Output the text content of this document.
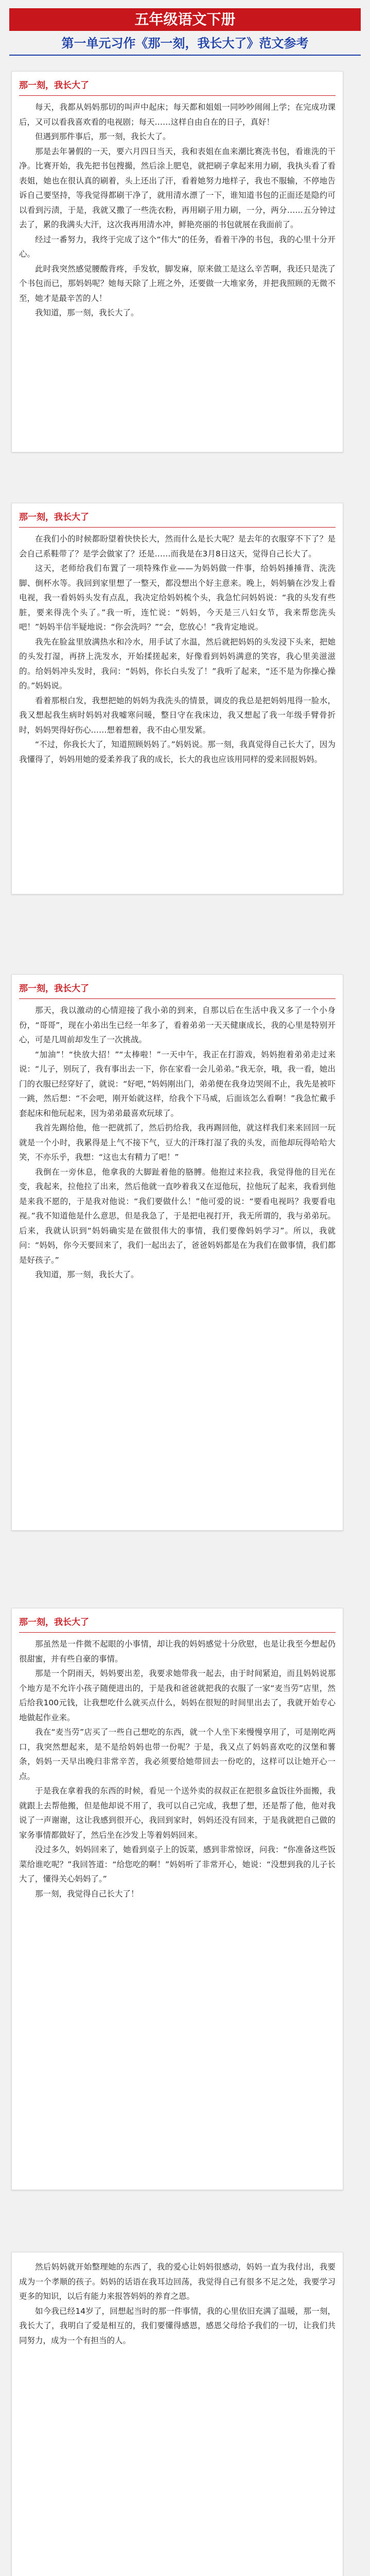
五年级语文下册
第一单元习作《那一刻，我长大了》范文参考
那一刻，我长大了

每天，我都从妈妈那切的叫声中起床；每天都和姐姐一同吵吵闹闹上学；在完成功课后，又可以看我喜欢看的电视剧；每天……这样自由自在的日子，真好！

但遇到那件事后，那一刻，我长大了。

那是去年暑假的一天，要六月四日当天，我和表姐在血来潮比赛洗书包，看谁洗的干净。比赛开始，我先把书包搜撮，然后涂上肥皂，就把刷子拿起来用力刷，我执头看了看表姐，她也在很认真的刷着，头上还出了汗，看着她努力地样子，我也不服输，不停地告诉自己要坚持，等我觉得都刷干净了，就用清水漂了一下，谁知道书包的正面还是隐约可以看到污渍，于是，我就又撒了一些洗衣粉，再用刷子用力刷，一分，两分……五分钟过去了，累的我满头大汗，这次我再用清水冲，鲜艳亮丽的书包就展在我面前了。

经过一番努力，我终于完成了这个“伟大”的任务，看着干净的书包，我的心里十分开心。

此时我突然感觉腰酸背疼，手发软，脚发麻，原来做工是这么辛苦啊，我还只是洗了个书包而已，那妈妈呢？她每天除了上班之外，还要做一大堆家务，并把我照顾的无微不至，她才是最辛苦的人！

我知道，那一刻，我长大了。

那一刻，我长大了

在我们小的时候都盼望着快快长大，然而什么是长大呢？是去年的衣服穿不下了？是会自己系鞋带了？是学会做家了？还是……而我是在3月8日这天，觉得自己长大了。

这天，老师给我们布置了一项特殊作业——为妈妈做一件事，给妈妈捶捶背、洗洗脚、倒杯水等。我回到家里想了一整天，都没想出个好主意来。晚上，妈妈躺在沙发上看电视，我一看妈妈头发有点乱，我决定给妈妈梳个头，我急忙问妈妈说：“我的头发有些脏，要来得洗个头了。”我一听，连忙说：“妈妈，今天是三八妇女节，我来帮您洗头吧！”妈妈半信半疑地说：“你会洗吗？”“会，您放心！”我肯定地说。

我先在脸盆里放满热水和冷水，用手试了水温，然后就把妈妈的头发浸下头来，把她的头发打湿，再挤上洗发水，开始揉搓起来，好像看到妈妈满意的笑容，我心里美滋滋的。给妈妈冲头发时，我问：“妈妈，你长白头发了！”我听了起来，“还不是为你操心操的。”妈妈说。

看着那根白发，我想把她的妈妈为我洗头的情景，调皮的我总是把妈妈甩得一脸水，我又想起我生病时妈妈对我嘘寒问暖，整日守在我床边，我又想起了我一年级手臂骨折时，妈妈哭得好伤心……想着想着，我不由心里发紧。

“不过，你我长大了，知道照顾妈妈了。”妈妈说。那一刻，我真觉得自己长大了，因为我懂得了，妈妈用她的爱柔养我了我的成长，长大的我也应该用同样的爱来回报妈妈。

那一刻，我长大了

那天，我以激动的心情迎接了我小弟的到来，自那以后在生活中我又多了一个小身份，“哥哥”，现在小弟出生已经一年多了，看着弟弟一天天健康成长，我的心里是特别开心，可是几周前却发生了一次挑战。

“加油”！“快放大招！”“太棒啦！”一天中午，我正在打游戏，妈妈抱着弟弟走过来说：“儿子，别玩了，我有事出去一下，你在家看一会儿弟弟。”我无奈，哦，我一看，她出门的衣服已经穿好了，就说：“好吧，”妈妈刚出门，弟弟便在我身边哭闹不止，我先是被吓一跳，然后想：“不会吧，刚开始就这样，给我个下马威，后面该怎么看啊！”我急忙戴手套起床和他玩起来，因为弟弟最喜欢玩球了。

我首先踢给他，他一把就抓了，然后扔给我，我再踢回他，就这样我们来来回回一玩就是一个小时，我累得是上气不接下气，豆大的汗珠打湿了我的头发，而他却玩得哈哈大笑，不亦乐乎，我想：“这也太有精力了吧！”

我倒在一旁休息，他拿我的大脚趾着他的胳膊。他抱过来拉我，我觉得他的目光在变，我起来，拉他拉了出来，然后他就一直吵着我又在逗他玩，拉他玩了起来，我看到他是来我不愿的，于是我对他说：“我们要做什么！”他可爱的说：“要看电视吗？我要看电视。”我不知道他是什么意思，但是我急了，于是把电视打开，我无所谓的，我与弟弟玩。后来，我就认识到“妈妈确实是在做很伟大的事情，我们要像妈妈学习”。所以，我就问：“妈妈，你今天要回来了，我们一起出去了，爸爸妈妈都是在为我们在做事情，我们都是好孩子。”

我知道，那一刻，我长大了。

那一刻，我长大了

那虽然是一件微不起眼的小事情，却让我的妈妈感觉十分欣慰，也是让我至今想起仍很甜蜜，并有些自豪的事情。

那是一个阴雨天，妈妈要出差，我要求她带我一起去，由于时间紧迫，而且妈妈说那个地方是不允许小孩子随便进出的，于是我和爸爸就把我的衣服了一家“麦当劳”店里，然后给我100元钱，让我想吃什么就买点什么，妈妈在很短的时间里出去了，我就开始专心地做起作业来。

我在“麦当劳”店买了一些自己想吃的东西，就一个人坐下来慢慢享用了，可是刚吃两口，我突然想起来，是不是给妈妈也带一份呢？于是，我又点了妈妈喜欢吃的汉堡和薯条，妈妈一天早出晚归非常辛苦，我必须要给她带回去一份吃的，这样可以让她开心一点。

于是我在拿着我的东西的时候，看见一个送外卖的叔叔正在把很多盒饭往外面搬，我就跟上去帮他搬，但是他却说不用了，我可以自己完成，我想了想，还是帮了他，他对我说了一声谢谢，这让我感到很开心，我回到家时，妈妈还没有回来，于是我就把自己做的家务事情都做好了，然后坐在沙发上等着妈妈回来。

没过多久，妈妈回来了，她看到桌子上的饭菜，感到非常惊讶，问我：“你准备这些饭菜给谁吃呢？”我回答道：“给您吃的啊！”妈妈听了非常开心，她说：“没想到我的儿子长大了，懂得关心妈妈了。”

那一刻，我觉得自己长大了！

然后妈妈就开始整理她的东西了，我的爱心让妈妈很感动，妈妈一直为我付出，我要成为一个孝顺的孩子。妈妈的话语在我耳边回荡，我觉得自己有很多不足之处，我要学习更多的知识，以后有能力来报答妈妈的养育之恩。

如今我已经14岁了，回想起当时的那一件事情，我的心里依旧充满了温暖，那一刻，我长大了，我明白了爱是相互的，我们要懂得感恩，感恩父母给予我们的一切，让我们共同努力，成为一个有担当的人。
